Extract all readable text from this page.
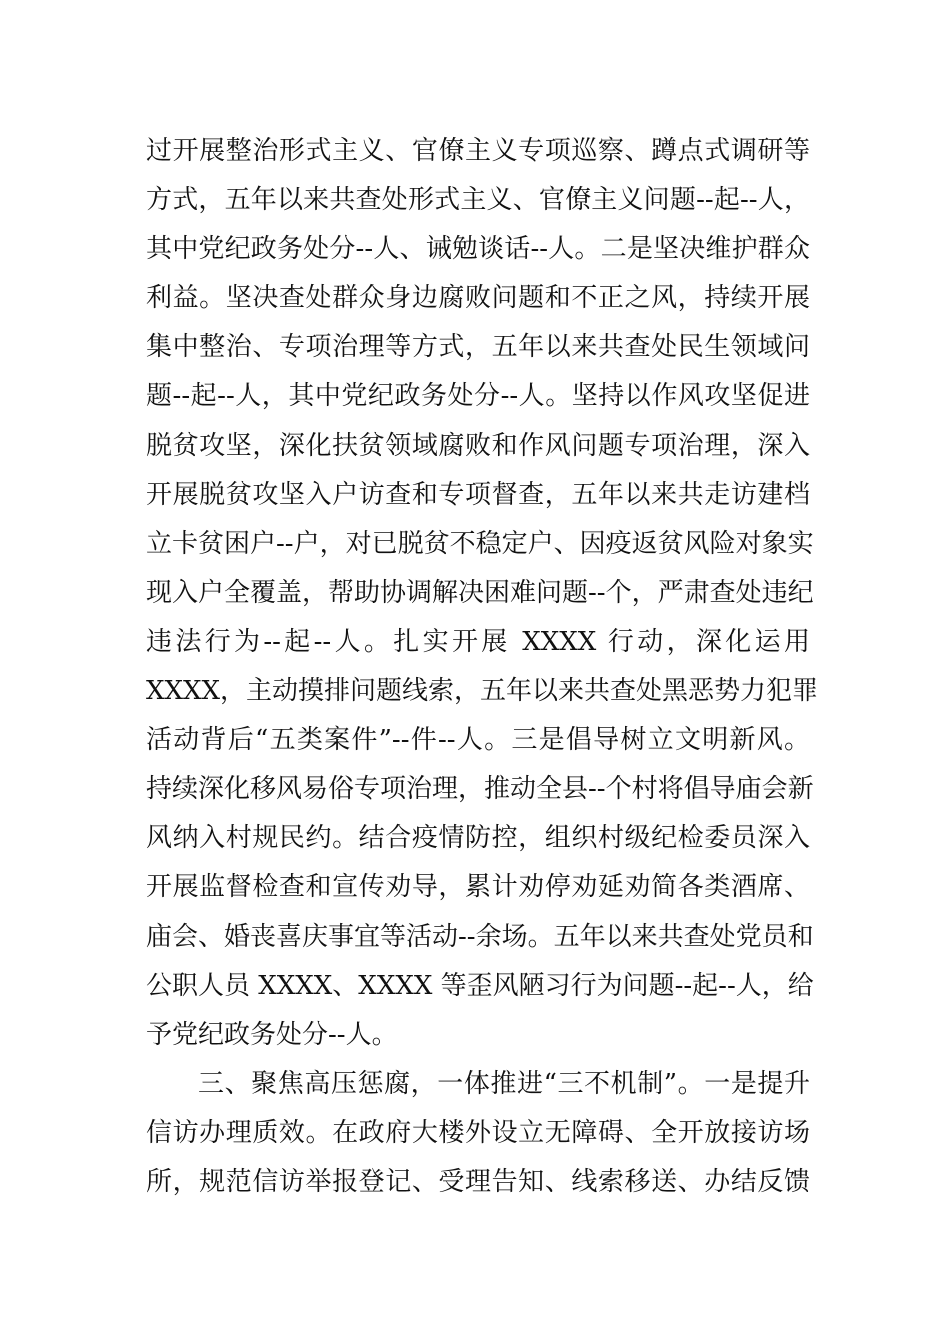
过开展整治形式主义、官僚主义专项巡察、蹲点式调研等
方式，五年以来共查处形式主义、官僚主义问题--起--人，
其中党纪政务处分--人、诫勉谈话--人。二是坚决维护群众
利益。坚决查处群众身边腐败问题和不正之风，持续开展
集中整治、专项治理等方式，五年以来共查处民生领域问
题--起--人，其中党纪政务处分--人。坚持以作风攻坚促进
脱贫攻坚，深化扶贫领域腐败和作风问题专项治理，深入
开展脱贫攻坚入户访查和专项督查，五年以来共走访建档
立卡贫困户--户，对已脱贫不稳定户、因疫返贫风险对象实
现入户全覆盖，帮助协调解决困难问题--个，严肃查处违纪
违法行为--起--人。扎实开展 XXXX 行动，深化运用
XXXX，主动摸排问题线索，五年以来共查处黑恶势力犯罪
活动背后“五类案件”--件--人。三是倡导树立文明新风。
持续深化移风易俗专项治理，推动全县--个村将倡导庙会新
风纳入村规民约。结合疫情防控，组织村级纪检委员深入
开展监督检查和宣传劝导，累计劝停劝延劝简各类酒席、
庙会、婚丧喜庆事宜等活动--余场。五年以来共查处党员和
公职人员 XXXX、XXXX 等歪风陋习行为问题--起--人，给
予党纪政务处分--人。
三、聚焦高压惩腐，一体推进“三不机制”。一是提升
信访办理质效。在政府大楼外设立无障碍、全开放接访场
所，规范信访举报登记、受理告知、线索移送、办结反馈
